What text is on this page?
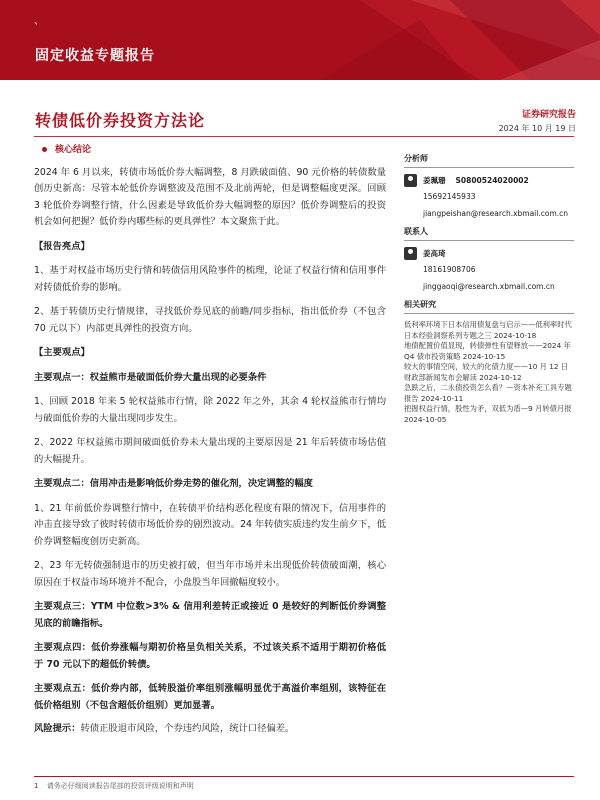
、
固定收益专题报告
转债低价券投资方法论	证券研究报告
2024 年 10 月 19 日
核心结论

2024 年 6 月以来，转债市场低价券大幅调整，8 月跌破面值、90 元价格的转债数量创历史新高：尽管本轮低价券调整波及范围不及北前两轮，但是调整幅度更深。回顾 3 轮低价券调整行情，什么因素是导致低价券大幅调整的原因？低价券调整后的投资机会如何把握？低价券内哪些标的更具弹性？本文聚焦于此。

【报告亮点】

1、基于对权益市场历史行情和转债信用风险事件的梳理，论证了权益行情和信用事件对转债低价券的影响。

2、基于转债历史行情规律，寻找低价券见底的前瞻/同步指标，指出低价券（不包含 70 元以下）内部更具弹性的投资方向。

【主要观点】

主要观点一：权益熊市是破面低价券大量出现的必要条件

1、回顾 2018 年来 5 轮权益熊市行情，除 2022 年之外，其余 4 轮权益熊市行情均与破面低价券的大量出现同步发生。

2、2022 年权益熊市期间破面低价券未大量出现的主要原因是 21 年后转债市场估值的大幅提升。

主要观点二：信用冲击是影响低价券走势的催化剂，决定调整的幅度

1、21 年前低价券调整行情中，在转债平价结构恶化程度有限的情况下，信用事件的冲击直接导致了彼时转债市场低价券的剧烈波动。24 年转债实质违约发生前夕下，低价券调整幅度创历史新高。

2、23 年无转债强制退市的历史被打破，但当年市场并未出现低价转债破面潮，核心原因在于权益市场环境并不配合，小盘股当年回撤幅度较小。

主要观点三：YTM 中位数>3% & 信用利差转正或接近 0 是较好的判断低价券调整见底的前瞻指标。

主要观点四：低价券涨幅与期初价格呈负相关关系，不过该关系不适用于期初价格低于 70 元以下的超低价转债。

主要观点五：低价券内部，低转股溢价率组别涨幅明显优于高溢价率组别，该特征在低价格组别（不包含超低价组别）更加显著。

分析师
姜珮珊 S0800524020002
15692145933
jiangpeishan@research.xbmail.com.cn
联系人
姜高琦
18161908706
jinggaoqi@research.xbmail.com.cn
相关研究
低利率环境下日本信用债复盘与启示——低利率时代日本经验洞察系列专题之三 2024-10-18
地债配置价值显现，转债弹性有望释放——2024 年 Q4 债市投资策略 2024-10-15
较大的事情空间，较大的化债力度——10 月 12 日财政部新闻发布会解读 2024-10-12
急跌之后，二永债投资怎么看？—资本补充工具专题报告 2024-10-11
把握权益行情，股性为矛，双低为盾—9 月转债月报 2024-10-05
风险提示：转债正股退市风险，个券违约风险，统计口径偏差。
1 请务必仔细阅读报告尾部的投资评级说明和声明
